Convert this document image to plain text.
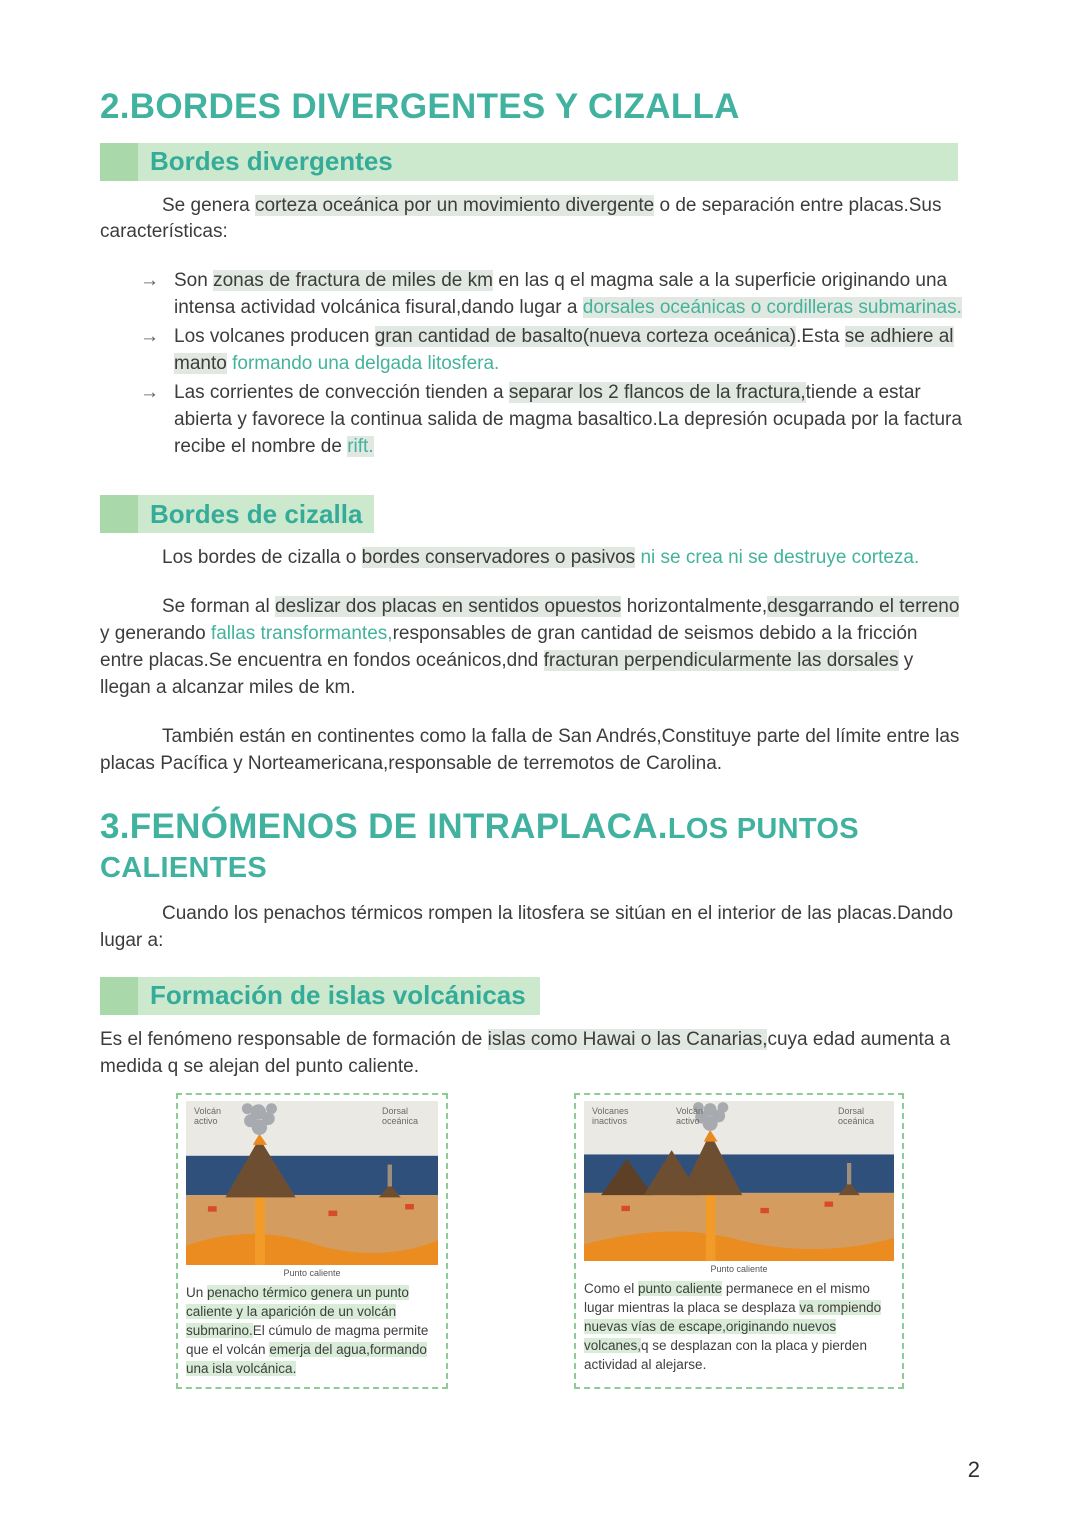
2.BORDES DIVERGENTES Y CIZALLA
Bordes divergentes

Se genera corteza oceánica por un movimiento divergente o de separación entre placas.Sus características:

→ Son zonas de fractura de miles de km en las q el magma sale a la superficie originando una intensa actividad volcánica fisural,dando lugar a dorsales oceánicas o cordilleras submarinas.
→ Los volcanes producen gran cantidad de basalto(nueva corteza oceánica).Esta se adhiere al manto formando una delgada litosfera.
→ Las corrientes de convección tienden a separar los 2 flancos de la fractura,tiende a estar abierta y favorece la continua salida de magma basaltico.La depresión ocupada por la factura recibe el nombre de rift.
Bordes de cizalla

Los bordes de cizalla o bordes conservadores o pasivos ni se crea ni se destruye corteza.

Se forman al deslizar dos placas en sentidos opuestos horizontalmente,desgarrando el terreno y generando fallas transformantes,responsables de gran cantidad de seismos debido a la fricción entre placas.Se encuentra en fondos oceánicos,dnd fracturan perpendicularmente las dorsales y llegan a alcanzar miles de km.

También están en continentes como la falla de San Andrés,Constituye parte del límite entre las placas Pacífica y Norteamericana,responsable de terremotos de Carolina.

3.FENÓMENOS DE INTRAPLACA.LOS PUNTOS CALIENTES

Cuando los penachos térmicos rompen la litosfera se sitúan en el interior de las placas.Dando lugar a:

Formación de islas volcánicas

Es el fenómeno responsable de formación de islas como Hawai o las Canarias,cuya edad aumenta a medida q se alejan del punto caliente.

Volcán activo
Dorsal oceánica
Punto caliente
Un penacho térmico genera un punto caliente y la aparición de un volcán submarino.El cúmulo de magma permite que el volcán emerja del agua,formando una isla volcánica.
Volcanes inactivos
Volcán activo
Dorsal oceánica
Punto caliente
Como el punto caliente permanece en el mismo lugar mientras la placa se desplaza va rompiendo nuevas vías de escape,originando nuevos volcanes,q se desplazan con la placa y pierden actividad al alejarse.
2
